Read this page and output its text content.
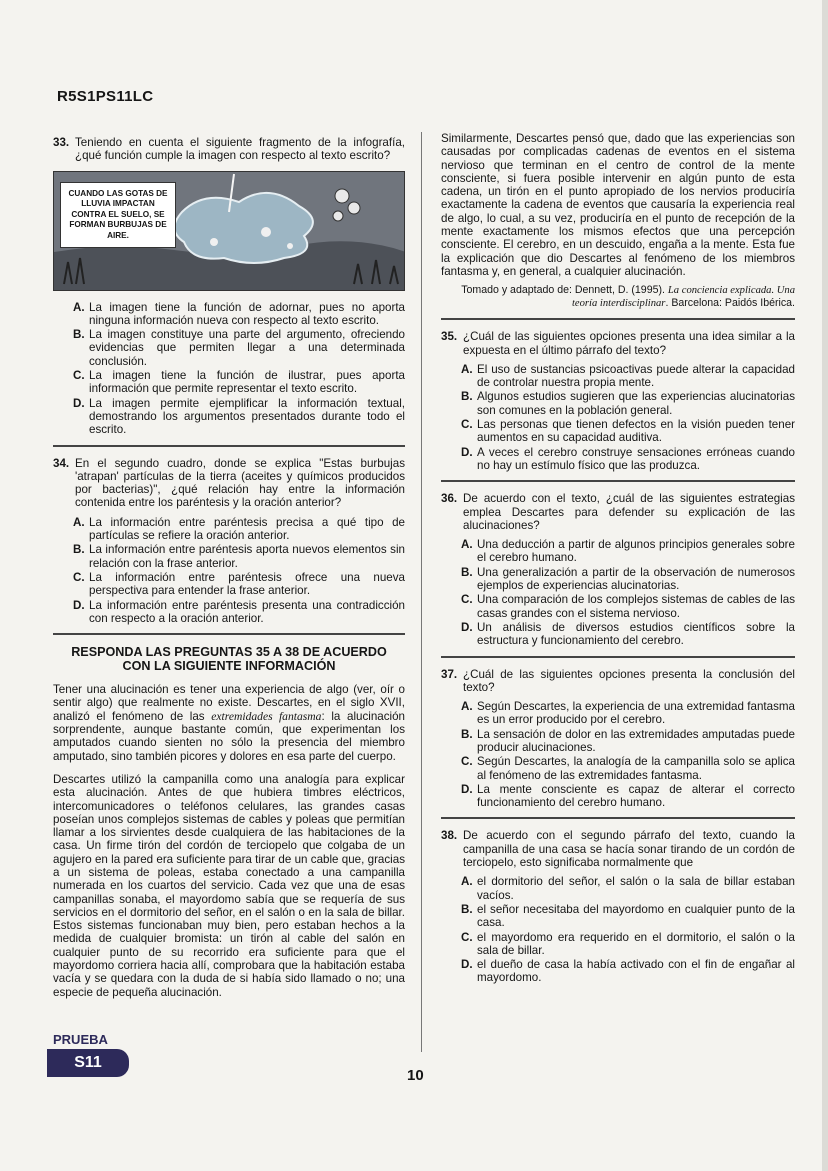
R5S1PS11LC
33. Teniendo en cuenta el siguiente fragmento de la infografía, ¿qué función cumple la imagen con respecto al texto escrito?
CUANDO LAS GOTAS DE LLUVIA IMPACTAN CONTRA EL SUELO, SE FORMAN BURBUJAS DE AIRE.
A. La imagen tiene la función de adornar, pues no aporta ninguna información nueva con respecto al texto escrito.
B. La imagen constituye una parte del argumento, ofreciendo evidencias que permiten llegar a una determinada conclusión.
C. La imagen tiene la función de ilustrar, pues aporta información que permite representar el texto escrito.
D. La imagen permite ejemplificar la información textual, demostrando los argumentos presentados durante todo el escrito.
34. En el segundo cuadro, donde se explica "Estas burbujas 'atrapan' partículas de la tierra (aceites y químicos producidos por bacterias)", ¿qué relación hay entre la información contenida entre los paréntesis y la oración anterior?
A. La información entre paréntesis precisa a qué tipo de partículas se refiere la oración anterior.
B. La información entre paréntesis aporta nuevos elementos sin relación con la frase anterior.
C. La información entre paréntesis ofrece una nueva perspectiva para entender la frase anterior.
D. La información entre paréntesis presenta una contradicción con respecto a la oración anterior.
RESPONDA LAS PREGUNTAS 35 A 38 DE ACUERDO
CON LA SIGUIENTE INFORMACIÓN

Tener una alucinación es tener una experiencia de algo (ver, oír o sentir algo) que realmente no existe. Descartes, en el siglo XVII, analizó el fenómeno de las extremidades fantasma: la alucinación sorprendente, aunque bastante común, que experimentan los amputados cuando sienten no sólo la presencia del miembro amputado, sino también picores y dolores en esa parte del cuerpo.

Descartes utilizó la campanilla como una analogía para explicar esta alucinación. Antes de que hubiera timbres eléctricos, intercomunicadores o teléfonos celulares, las grandes casas poseían unos complejos sistemas de cables y poleas que permitían llamar a los sirvientes desde cualquiera de las habitaciones de la casa. Un firme tirón del cordón de terciopelo que colgaba de un agujero en la pared era suficiente para tirar de un cable que, gracias a un sistema de poleas, estaba conectado a una campanilla numerada en los cuartos del servicio. Cada vez que una de esas campanillas sonaba, el mayordomo sabía que se requería de sus servicios en el dormitorio del señor, en el salón o en la sala de billar. Estos sistemas funcionaban muy bien, pero estaban hechos a la medida de cualquier bromista: un tirón al cable del salón en cualquier punto de su recorrido era suficiente para que el mayordomo corriera hacia allí, comprobara que la habitación estaba vacía y se quedara con la duda de si había sido llamado o no; una especie de pequeña alucinación.

Similarmente, Descartes pensó que, dado que las experiencias son causadas por complicadas cadenas de eventos en el sistema nervioso que terminan en el centro de control de la mente consciente, si fuera posible intervenir en algún punto de esta cadena, un tirón en el punto apropiado de los nervios produciría exactamente la cadena de eventos que causaría la experiencia real de algo, lo cual, a su vez, produciría en el punto de recepción de la mente exactamente los mismos efectos que una percepción consciente. El cerebro, en un descuido, engaña a la mente. Esta fue la explicación que dio Descartes al fenómeno de los miembros fantasma y, en general, a cualquier alucinación.

Tomado y adaptado de: Dennett, D. (1995). La conciencia explicada. Una teoría interdisciplinar. Barcelona: Paidós Ibérica.
35. ¿Cuál de las siguientes opciones presenta una idea similar a la expuesta en el último párrafo del texto?
A. El uso de sustancias psicoactivas puede alterar la capacidad de controlar nuestra propia mente.
B. Algunos estudios sugieren que las experiencias alucinatorias son comunes en la población general.
C. Las personas que tienen defectos en la visión pueden tener aumentos en su capacidad auditiva.
D. A veces el cerebro construye sensaciones erróneas cuando no hay un estímulo físico que las produzca.
36. De acuerdo con el texto, ¿cuál de las siguientes estrategias emplea Descartes para defender su explicación de las alucinaciones?
A. Una deducción a partir de algunos principios generales sobre el cerebro humano.
B. Una generalización a partir de la observación de numerosos ejemplos de experiencias alucinatorias.
C. Una comparación de los complejos sistemas de cables de las casas grandes con el sistema nervioso.
D. Un análisis de diversos estudios científicos sobre la estructura y funcionamiento del cerebro.
37. ¿Cuál de las siguientes opciones presenta la conclusión del texto?
A. Según Descartes, la experiencia de una extremidad fantasma es un error producido por el cerebro.
B. La sensación de dolor en las extremidades amputadas puede producir alucinaciones.
C. Según Descartes, la analogía de la campanilla solo se aplica al fenómeno de las extremidades fantasma.
D. La mente consciente es capaz de alterar el correcto funcionamiento del cerebro humano.
38. De acuerdo con el segundo párrafo del texto, cuando la campanilla de una casa se hacía sonar tirando de un cordón de terciopelo, esto significaba normalmente que
A. el dormitorio del señor, el salón o la sala de billar estaban vacíos.
B. el señor necesitaba del mayordomo en cualquier punto de la casa.
C. el mayordomo era requerido en el dormitorio, el salón o la sala de billar.
D. el dueño de casa la había activado con el fin de engañar al mayordomo.
PRUEBA
S11
10
